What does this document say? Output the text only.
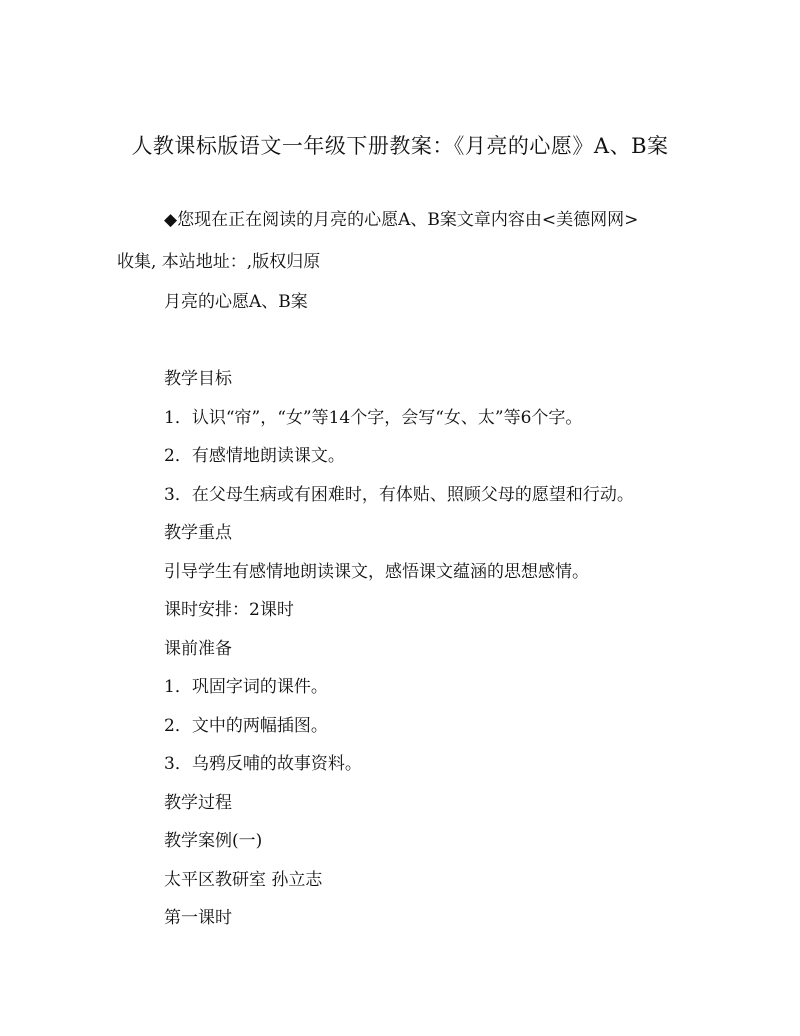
人教课标版语文一年级下册教案：《月亮的心愿》A、B案
◆您现在正在阅读的月亮的心愿A、B案文章内容由<美德网网>
收集, 本站地址：,版权归原
月亮的心愿A、B案
教学目标
1．认识“帘”，“女”等14个字，会写“女、太”等6个字。
2．有感情地朗读课文。
3．在父母生病或有困难时，有体贴、照顾父母的愿望和行动。
教学重点
引导学生有感情地朗读课文，感悟课文蕴涵的思想感情。
课时安排：2课时
课前准备
1．巩固字词的课件。
2．文中的两幅插图。
3．乌鸦反哺的故事资料。
教学过程
教学案例(一)
太平区教研室 孙立志
第一课时
